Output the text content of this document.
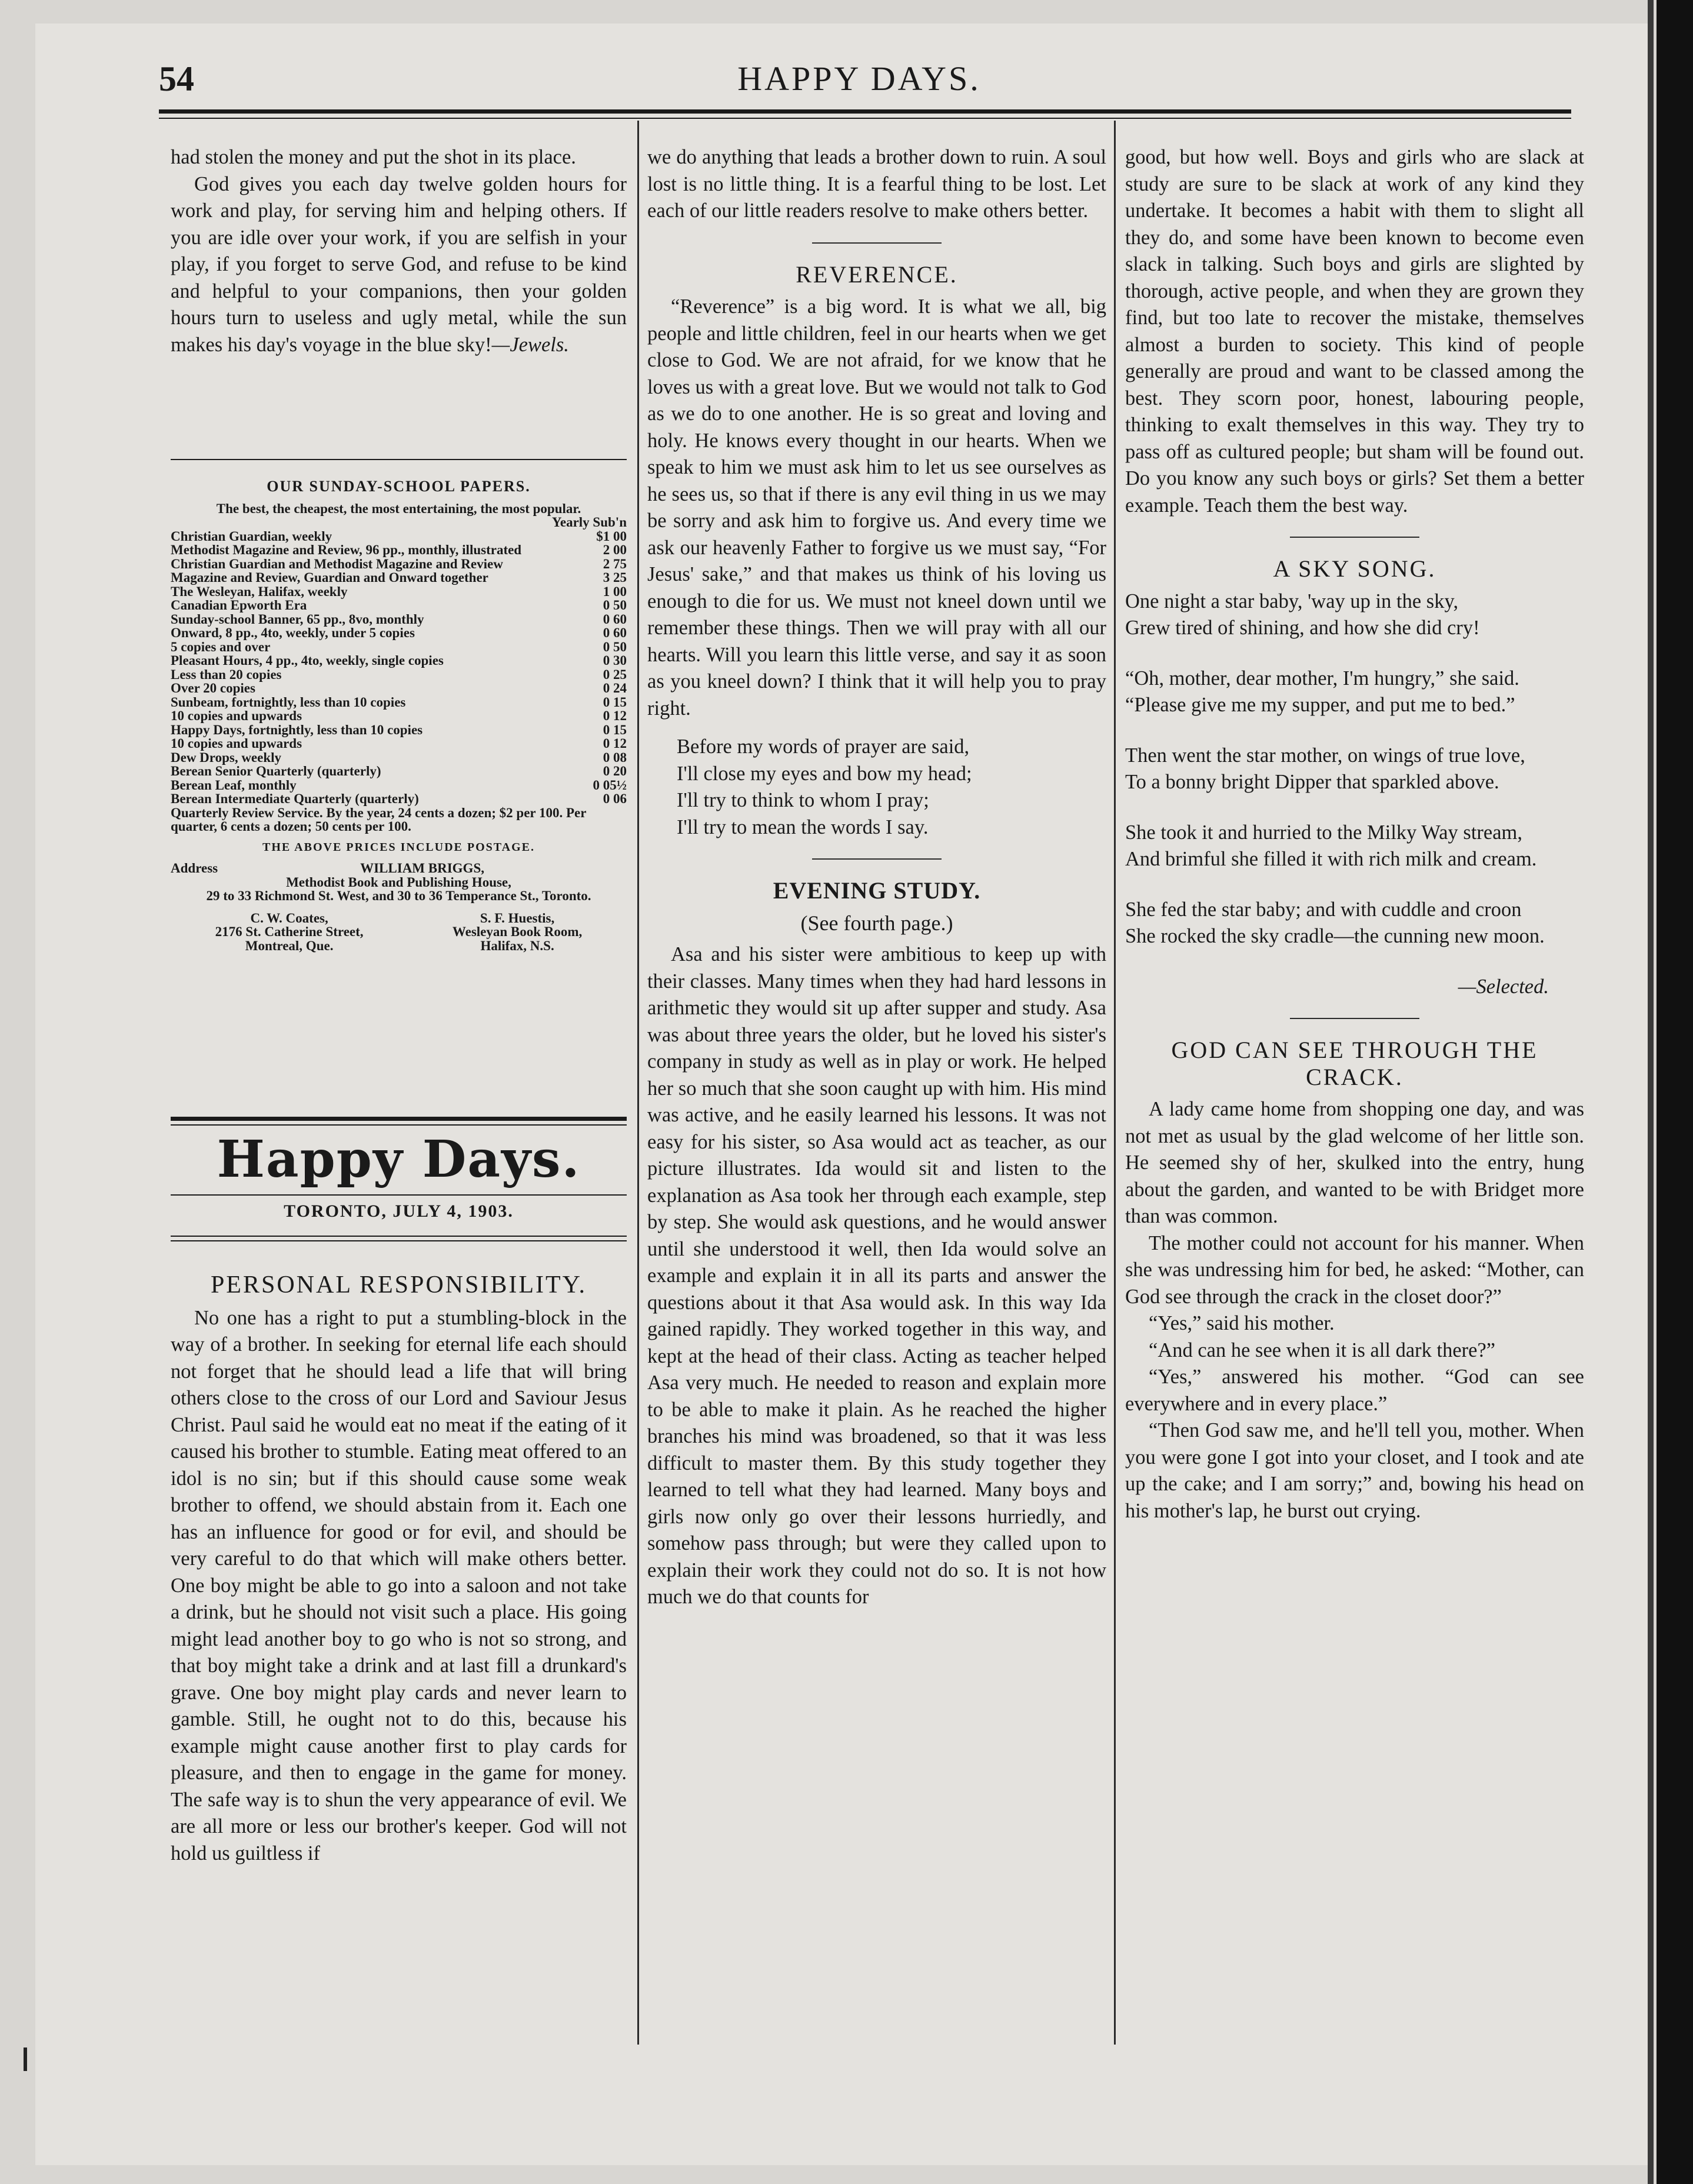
54	HAPPY DAYS.

had stolen the money and put the shot in its place.

God gives you each day twelve golden hours for work and play, for serving him and helping others. If you are idle over your work, if you are selfish in your play, if you forget to serve God, and refuse to be kind and helpful to your companions, then your golden hours turn to useless and ugly metal, while the sun makes his day's voyage in the blue sky!—Jewels.

OUR SUNDAY-SCHOOL PAPERS.
The best, the cheapest, the most entertaining, the most popular.
Yearly Sub'n
Christian Guardian, weekly	$1 00
Methodist Magazine and Review, 96 pp., monthly, illustrated	2 00
Christian Guardian and Methodist Magazine and Review	2 75
Magazine and Review, Guardian and Onward together	3 25
The Wesleyan, Halifax, weekly	1 00
Canadian Epworth Era	0 50
Sunday-school Banner, 65 pp., 8vo, monthly	0 60
Onward, 8 pp., 4to, weekly, under 5 copies	0 60
5 copies and over	0 50
Pleasant Hours, 4 pp., 4to, weekly, single copies	0 30
Less than 20 copies	0 25
Over 20 copies	0 24
Sunbeam, fortnightly, less than 10 copies	0 15
10 copies and upwards	0 12
Happy Days, fortnightly, less than 10 copies	0 15
10 copies and upwards	0 12
Dew Drops, weekly	0 08
Berean Senior Quarterly (quarterly)	0 20
Berean Leaf, monthly	0 05½
Berean Intermediate Quarterly (quarterly)	0 06
Quarterly Review Service. By the year, 24 cents a dozen; $2 per 100. Per quarter, 6 cents a dozen; 50 cents per 100.	
THE ABOVE PRICES INCLUDE POSTAGE.
Address	WILLIAM BRIGGS,
Methodist Book and Publishing House,
29 to 33 Richmond St. West, and 30 to 36 Temperance St., Toronto.
C. W. Coates,
2176 St. Catherine Street,
Montreal, Que.
S. F. Huestis,
Wesleyan Book Room,
Halifax, N.S.
Happy Days.
TORONTO, JULY 4, 1903.
PERSONAL RESPONSIBILITY.

No one has a right to put a stumbling-block in the way of a brother. In seeking for eternal life each should not forget that he should lead a life that will bring others close to the cross of our Lord and Saviour Jesus Christ. Paul said he would eat no meat if the eating of it caused his brother to stumble. Eating meat offered to an idol is no sin; but if this should cause some weak brother to offend, we should abstain from it. Each one has an influence for good or for evil, and should be very careful to do that which will make others better. One boy might be able to go into a saloon and not take a drink, but he should not visit such a place. His going might lead another boy to go who is not so strong, and that boy might take a drink and at last fill a drunkard's grave. One boy might play cards and never learn to gamble. Still, he ought not to do this, because his example might cause another first to play cards for pleasure, and then to engage in the game for money. The safe way is to shun the very appearance of evil. We are all more or less our brother's keeper. God will not hold us guiltless if

we do anything that leads a brother down to ruin. A soul lost is no little thing. It is a fearful thing to be lost. Let each of our little readers resolve to make others better.

REVERENCE.

“Reverence” is a big word. It is what we all, big people and little children, feel in our hearts when we get close to God. We are not afraid, for we know that he loves us with a great love. But we would not talk to God as we do to one another. He is so great and loving and holy. He knows every thought in our hearts. When we speak to him we must ask him to let us see ourselves as he sees us, so that if there is any evil thing in us we may be sorry and ask him to forgive us. And every time we ask our heavenly Father to forgive us we must say, “For Jesus' sake,” and that makes us think of his loving us enough to die for us. We must not kneel down until we remember these things. Then we will pray with all our hearts. Will you learn this little verse, and say it as soon as you kneel down? I think that it will help you to pray right.

Before my words of prayer are said,
I'll close my eyes and bow my head;
I'll try to think to whom I pray;
I'll try to mean the words I say.
EVENING STUDY.
(See fourth page.)

Asa and his sister were ambitious to keep up with their classes. Many times when they had hard lessons in arithmetic they would sit up after supper and study. Asa was about three years the older, but he loved his sister's company in study as well as in play or work. He helped her so much that she soon caught up with him. His mind was active, and he easily learned his lessons. It was not easy for his sister, so Asa would act as teacher, as our picture illustrates. Ida would sit and listen to the explanation as Asa took her through each example, step by step. She would ask questions, and he would answer until she understood it well, then Ida would solve an example and explain it in all its parts and answer the questions about it that Asa would ask. In this way Ida gained rapidly. They worked together in this way, and kept at the head of their class. Acting as teacher helped Asa very much. He needed to reason and explain more to be able to make it plain. As he reached the higher branches his mind was broadened, so that it was less difficult to master them. By this study together they learned to tell what they had learned. Many boys and girls now only go over their lessons hurriedly, and somehow pass through; but were they called upon to explain their work they could not do so. It is not how much we do that counts for

good, but how well. Boys and girls who are slack at study are sure to be slack at work of any kind they undertake. It becomes a habit with them to slight all they do, and some have been known to become even slack in talking. Such boys and girls are slighted by thorough, active people, and when they are grown they find, but too late to recover the mistake, themselves almost a burden to society. This kind of people generally are proud and want to be classed among the best. They scorn poor, honest, labouring people, thinking to exalt themselves in this way. They try to pass off as cultured people; but sham will be found out. Do you know any such boys or girls? Set them a better example. Teach them the best way.

A SKY SONG.
One night a star baby, 'way up in the sky,
Grew tired of shining, and how she did cry!
“Oh, mother, dear mother, I'm hungry,” she said.
“Please give me my supper, and put me to bed.”
Then went the star mother, on wings of true love,
To a bonny bright Dipper that sparkled above.
She took it and hurried to the Milky Way stream,
And brimful she filled it with rich milk and cream.
She fed the star baby; and with cuddle and croon
She rocked the sky cradle—the cunning new moon.
—Selected.
GOD CAN SEE THROUGH THE CRACK.

A lady came home from shopping one day, and was not met as usual by the glad welcome of her little son. He seemed shy of her, skulked into the entry, hung about the garden, and wanted to be with Bridget more than was common.

The mother could not account for his manner. When she was undressing him for bed, he asked: “Mother, can God see through the crack in the closet door?”

“Yes,” said his mother.

“And can he see when it is all dark there?”

“Yes,” answered his mother. “God can see everywhere and in every place.”

“Then God saw me, and he'll tell you, mother. When you were gone I got into your closet, and I took and ate up the cake; and I am sorry;” and, bowing his head on his mother's lap, he burst out crying.
